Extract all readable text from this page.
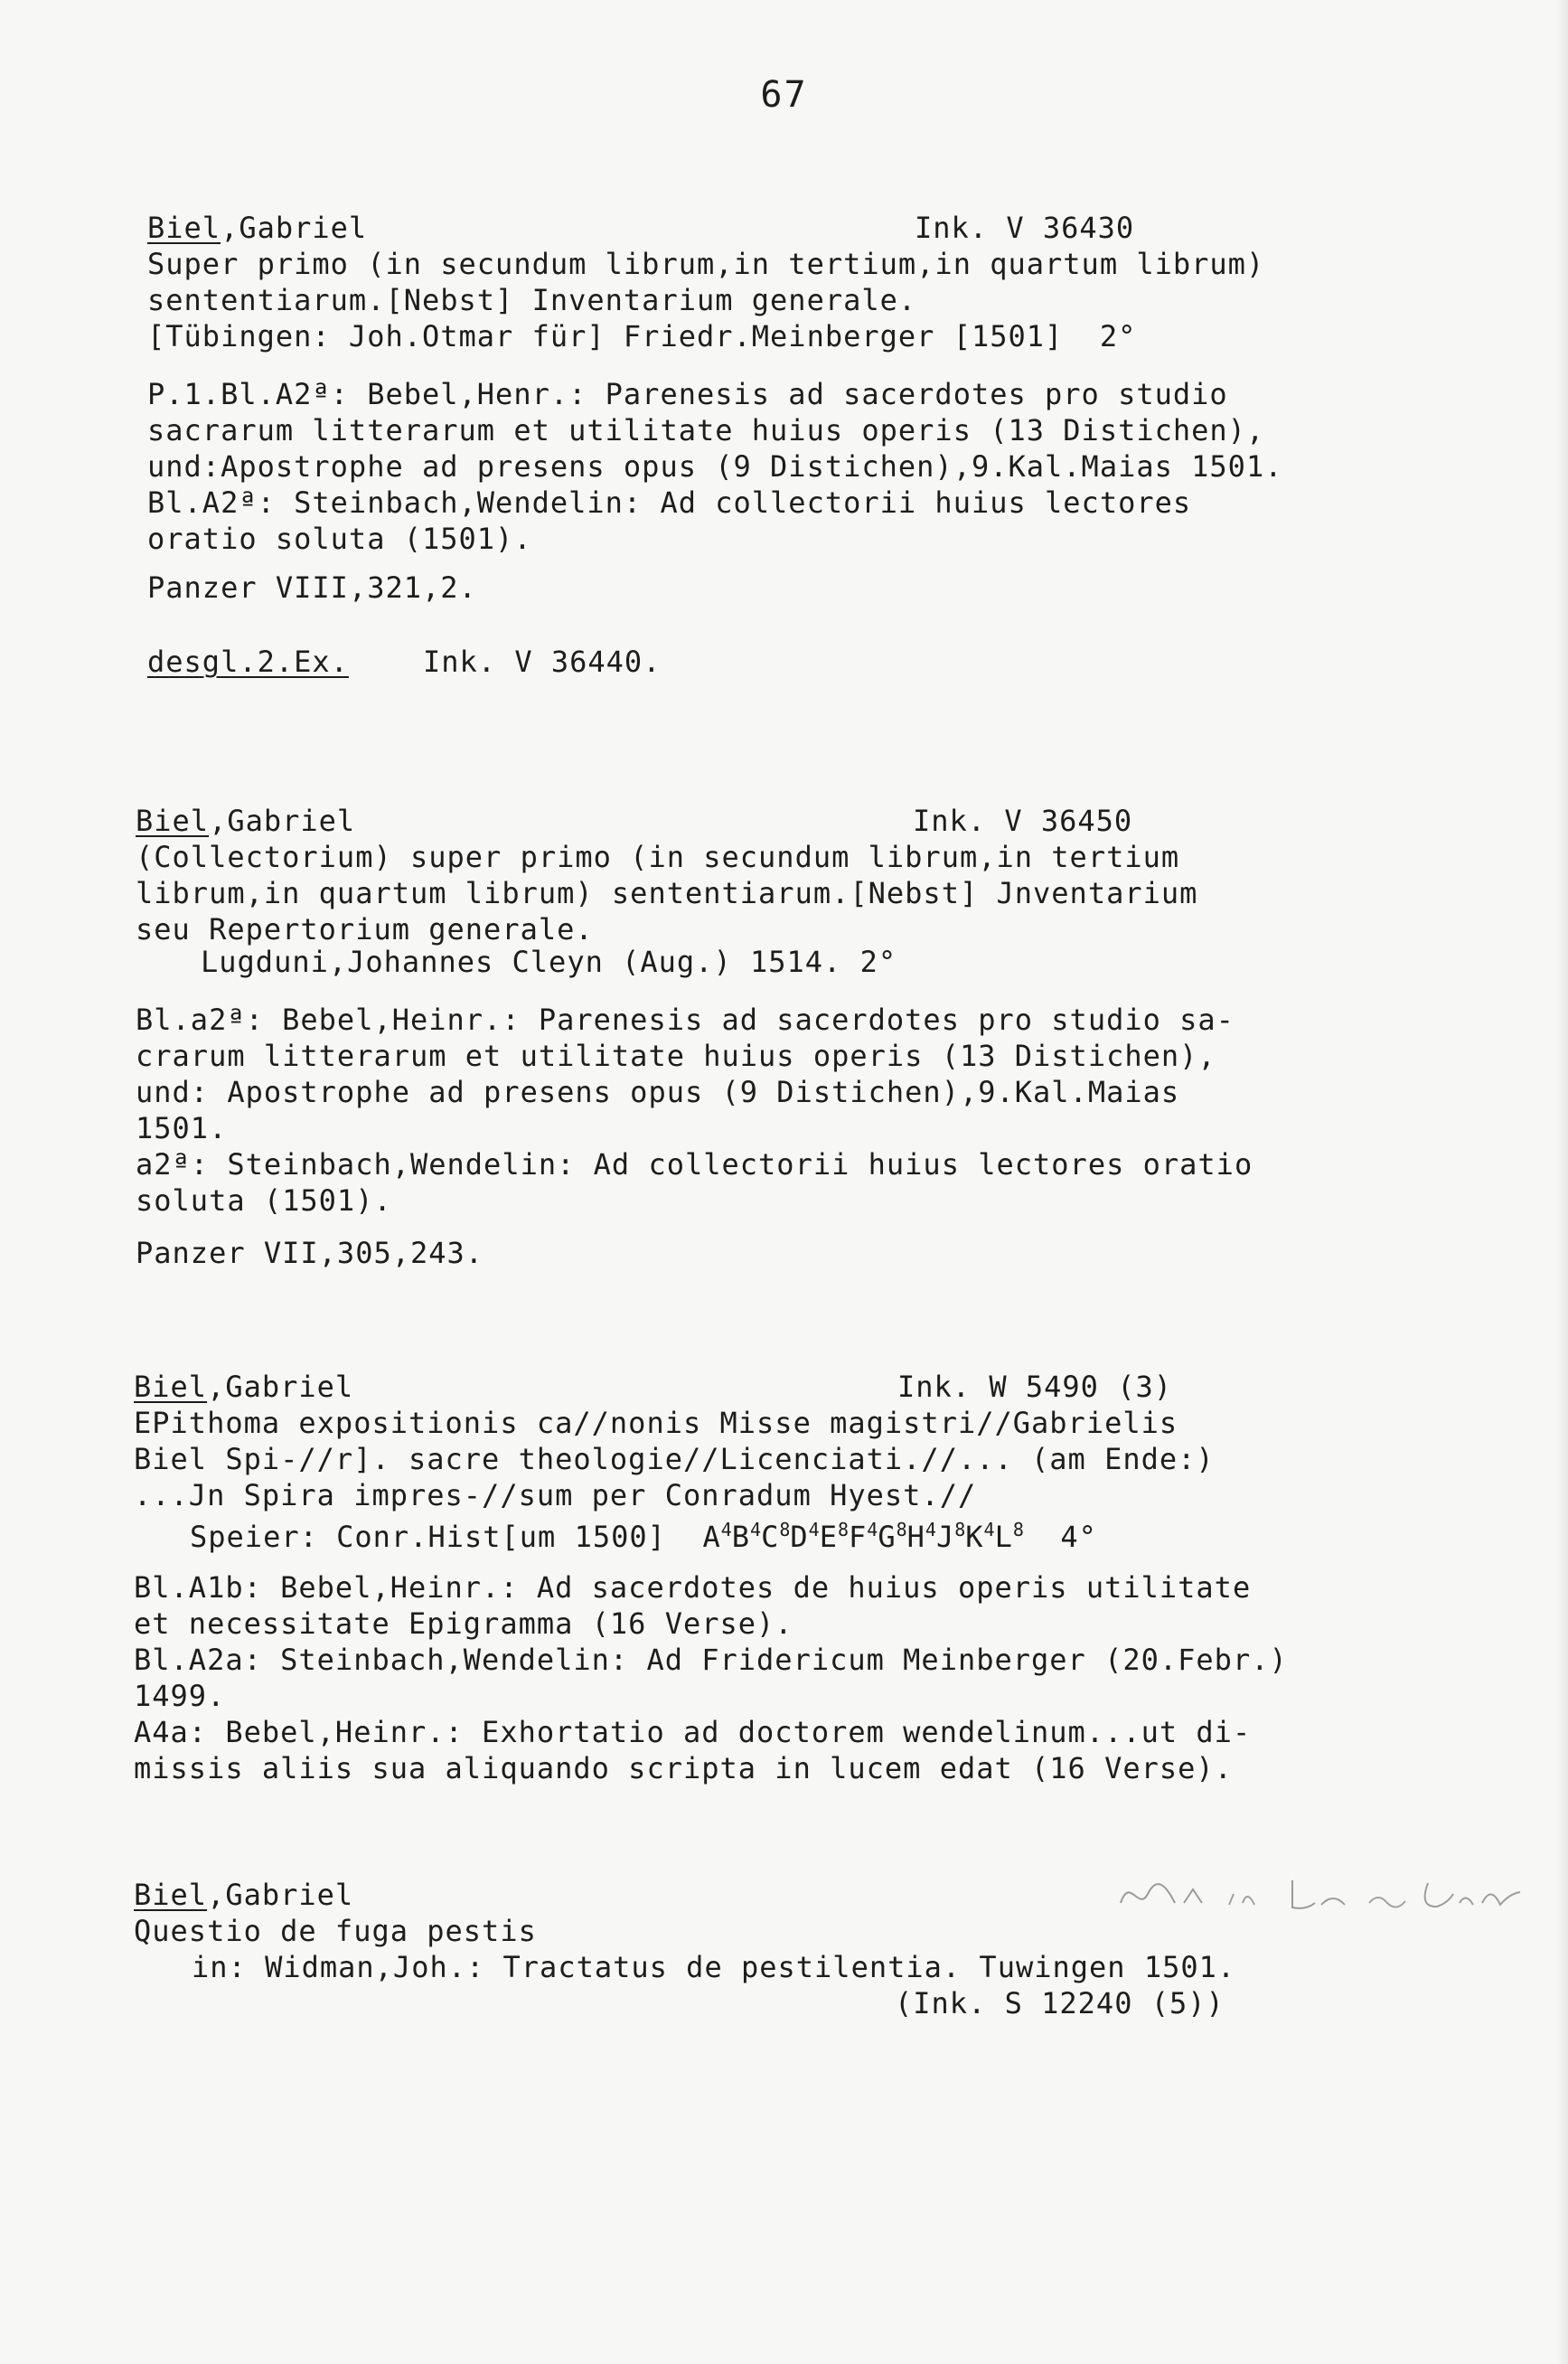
67
Biel,Gabriel	Ink. V 36430
Super primo (in secundum librum,in tertium,in quartum librum)
sententiarum.[Nebst] Inventarium generale.
[Tübingen: Joh.Otmar für] Friedr.Meinberger [1501]  2°
P.1.Bl.A2ª: Bebel,Henr.: Parenesis ad sacerdotes pro studio
sacrarum litterarum et utilitate huius operis (13 Distichen),
und:Apostrophe ad presens opus (9 Distichen),9.Kal.Maias 1501.
Bl.A2ª: Steinbach,Wendelin: Ad collectorii huius lectores
oratio soluta (1501).
Panzer VIII,321,2.
desgl.2.Ex.	Ink. V 36440.
Biel,Gabriel	Ink. V 36450
(Collectorium) super primo (in secundum librum,in tertium
librum,in quartum librum) sententiarum.[Nebst] Jnventarium
seu Repertorium generale.
Lugduni,Johannes Cleyn (Aug.) 1514. 2°
Bl.a2ª: Bebel,Heinr.: Parenesis ad sacerdotes pro studio sa-
crarum litterarum et utilitate huius operis (13 Distichen),
und: Apostrophe ad presens opus (9 Distichen),9.Kal.Maias
1501.
a2ª: Steinbach,Wendelin: Ad collectorii huius lectores oratio
soluta (1501).
Panzer VII,305,243.
Biel,Gabriel	Ink. W 5490 (3)
EPithoma expositionis ca//nonis Misse magistri//Gabrielis
Biel Spi-//r]. sacre theologie//Licenciati.//... (am Ende:)
...Jn Spira impres-//sum per Conradum Hyest.//
Speier: Conr.Hist[um 1500] $A^4B^4C^8D^4E^8F^4G^8H^4J^8K^4L^8$ 4°
Bl.A1b: Bebel,Heinr.: Ad sacerdotes de huius operis utilitate
et necessitate Epigramma (16 Verse).
Bl.A2a: Steinbach,Wendelin: Ad Fridericum Meinberger (20.Febr.)
1499.
A4a: Bebel,Heinr.: Exhortatio ad doctorem wendelinum...ut di-
missis aliis sua aliquando scripta in lucem edat (16 Verse).
Biel,Gabriel
Questio de fuga pestis
in: Widman,Joh.: Tractatus de pestilentia. Tuwingen 1501.
(Ink. S 12240 (5))
